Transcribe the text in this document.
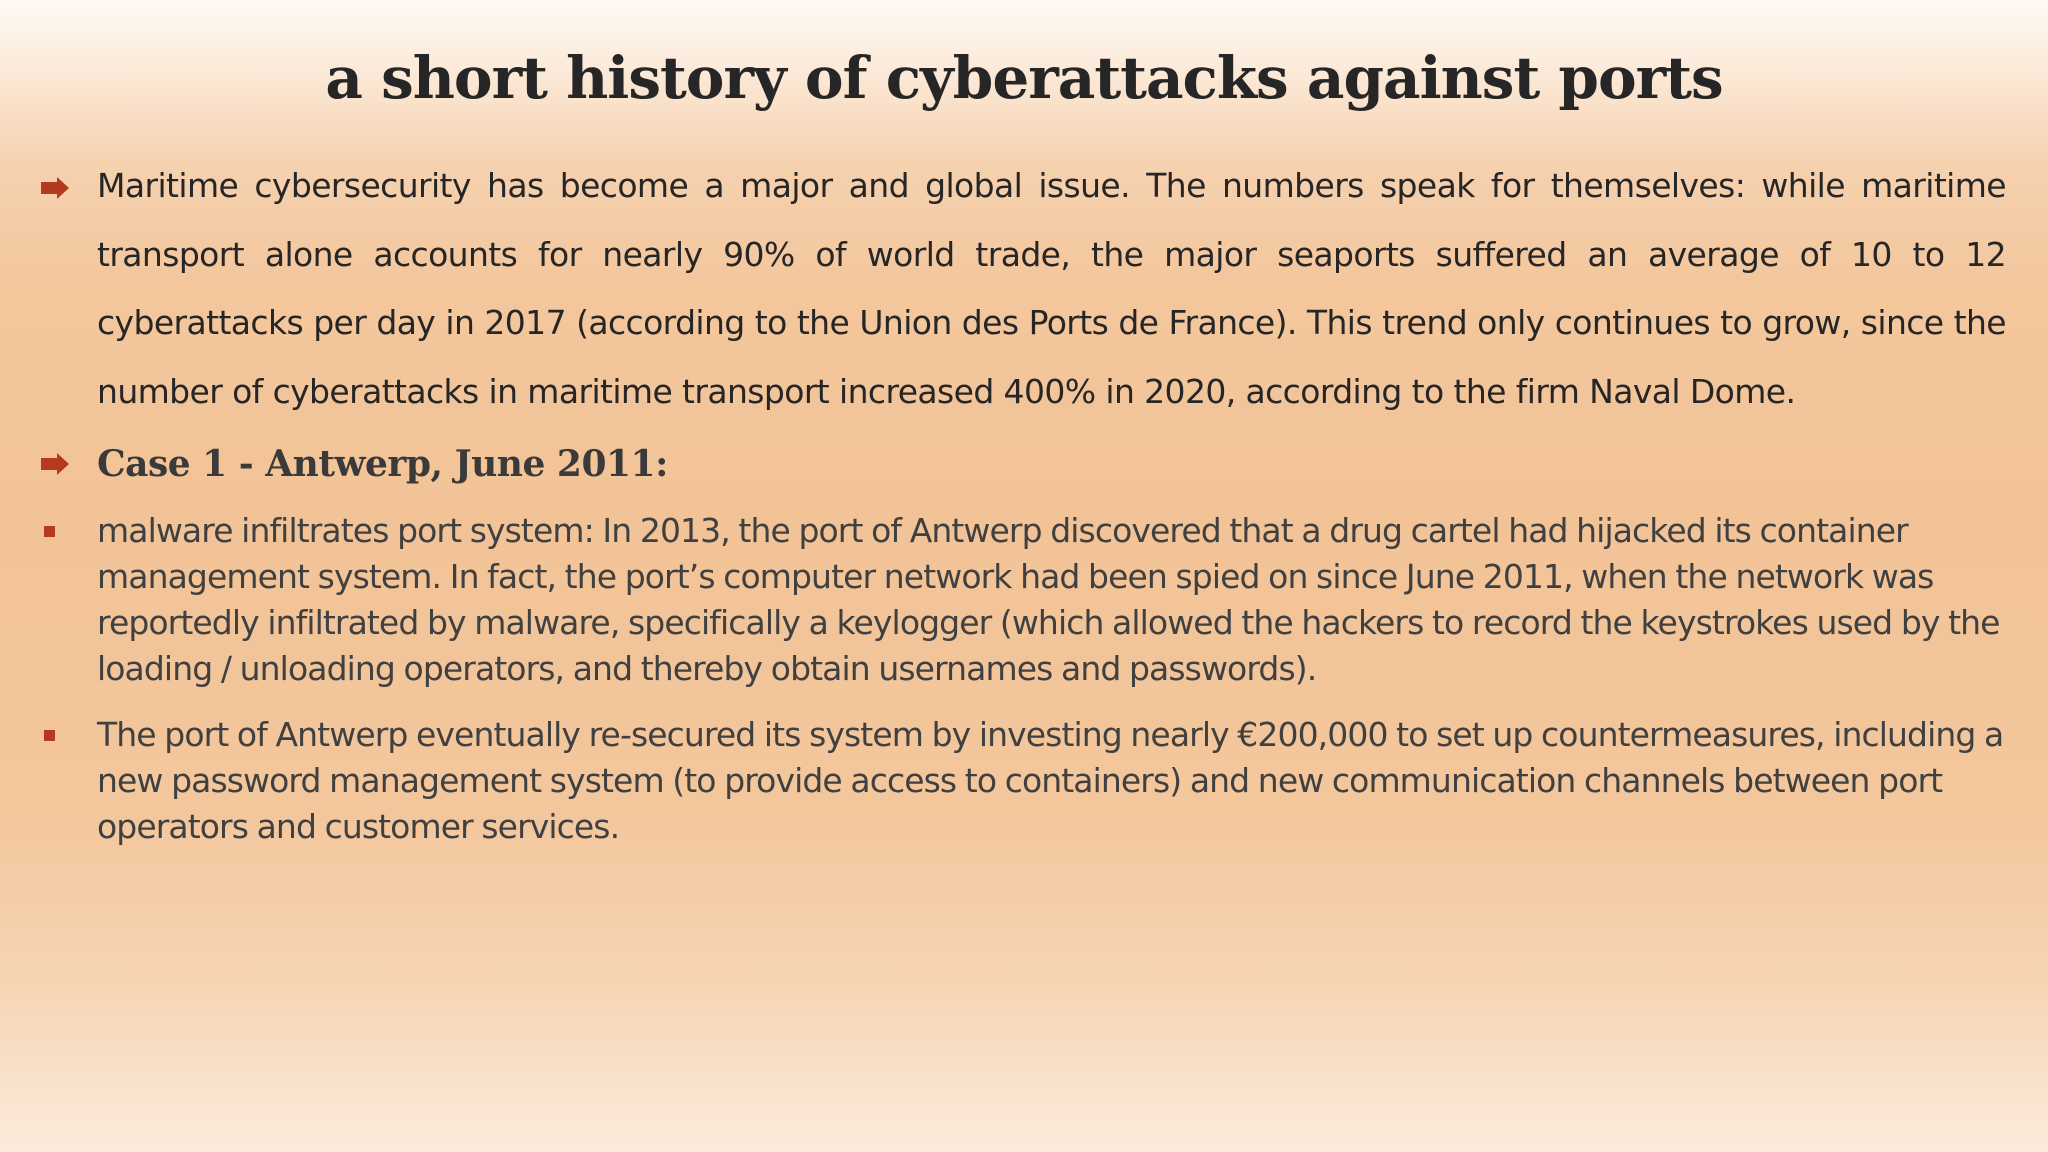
a short history of cyberattacks against ports
Maritime cybersecurity has become a major and global issue. The numbers speak for themselves: while maritime transport alone accounts for nearly 90% of world trade, the major seaports suffered an average of 10 to 12 cyberattacks per day in 2017 (according to the Union des Ports de France). This trend only continues to grow, since the number of cyberattacks in maritime transport increased 400% in 2020, according to the firm Naval Dome.
Case 1 - Antwerp, June 2011:
malware infiltrates port system: In 2013, the port of Antwerp discovered that a drug cartel had hijacked its container management system. In fact, the port’s computer network had been spied on since June 2011, when the network was reportedly infiltrated by malware, specifically a keylogger (which allowed the hackers to record the keystrokes used by the loading / unloading operators, and thereby obtain usernames and passwords).
The port of Antwerp eventually re-secured its system by investing nearly €200,000 to set up countermeasures, including a new password management system (to provide access to containers) and new communication channels between port operators and customer services.
